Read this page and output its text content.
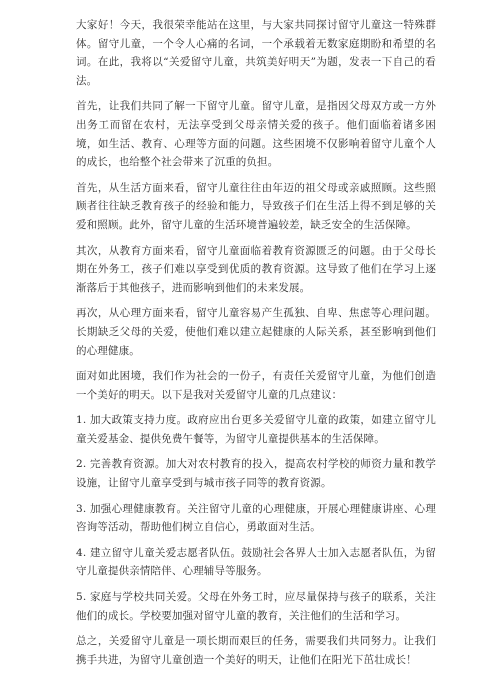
大家好！今天，我很荣幸能站在这里，与大家共同探讨留守儿童这一特殊群体。留守儿童，一个令人心痛的名词，一个承载着无数家庭期盼和希望的名词。在此，我将以“关爱留守儿童，共筑美好明天”为题，发表一下自己的看法。

首先，让我们共同了解一下留守儿童。留守儿童，是指因父母双方或一方外出务工而留在农村，无法享受到父母亲情关爱的孩子。他们面临着诸多困境，如生活、教育、心理等方面的问题。这些困境不仅影响着留守儿童个人的成长，也给整个社会带来了沉重的负担。

首先，从生活方面来看，留守儿童往往由年迈的祖父母或亲戚照顾。这些照顾者往往缺乏教育孩子的经验和能力，导致孩子们在生活上得不到足够的关爱和照顾。此外，留守儿童的生活环境普遍较差，缺乏安全的生活保障。

其次，从教育方面来看，留守儿童面临着教育资源匮乏的问题。由于父母长期在外务工，孩子们难以享受到优质的教育资源。这导致了他们在学习上逐渐落后于其他孩子，进而影响到他们的未来发展。

再次，从心理方面来看，留守儿童容易产生孤独、自卑、焦虑等心理问题。长期缺乏父母的关爱，使他们难以建立起健康的人际关系，甚至影响到他们的心理健康。

面对如此困境，我们作为社会的一份子，有责任关爱留守儿童，为他们创造一个美好的明天。以下是我对关爱留守儿童的几点建议：

1. 加大政策支持力度。政府应出台更多关爱留守儿童的政策，如建立留守儿童关爱基金、提供免费午餐等，为留守儿童提供基本的生活保障。

2. 完善教育资源。加大对农村教育的投入，提高农村学校的师资力量和教学设施，让留守儿童享受到与城市孩子同等的教育资源。

3. 加强心理健康教育。关注留守儿童的心理健康，开展心理健康讲座、心理咨询等活动，帮助他们树立自信心，勇敢面对生活。

4. 建立留守儿童关爱志愿者队伍。鼓励社会各界人士加入志愿者队伍，为留守儿童提供亲情陪伴、心理辅导等服务。

5. 家庭与学校共同关爱。父母在外务工时，应尽量保持与孩子的联系，关注他们的成长。学校要加强对留守儿童的教育，关注他们的生活和学习。

总之，关爱留守儿童是一项长期而艰巨的任务，需要我们共同努力。让我们携手共进，为留守儿童创造一个美好的明天，让他们在阳光下茁壮成长！
